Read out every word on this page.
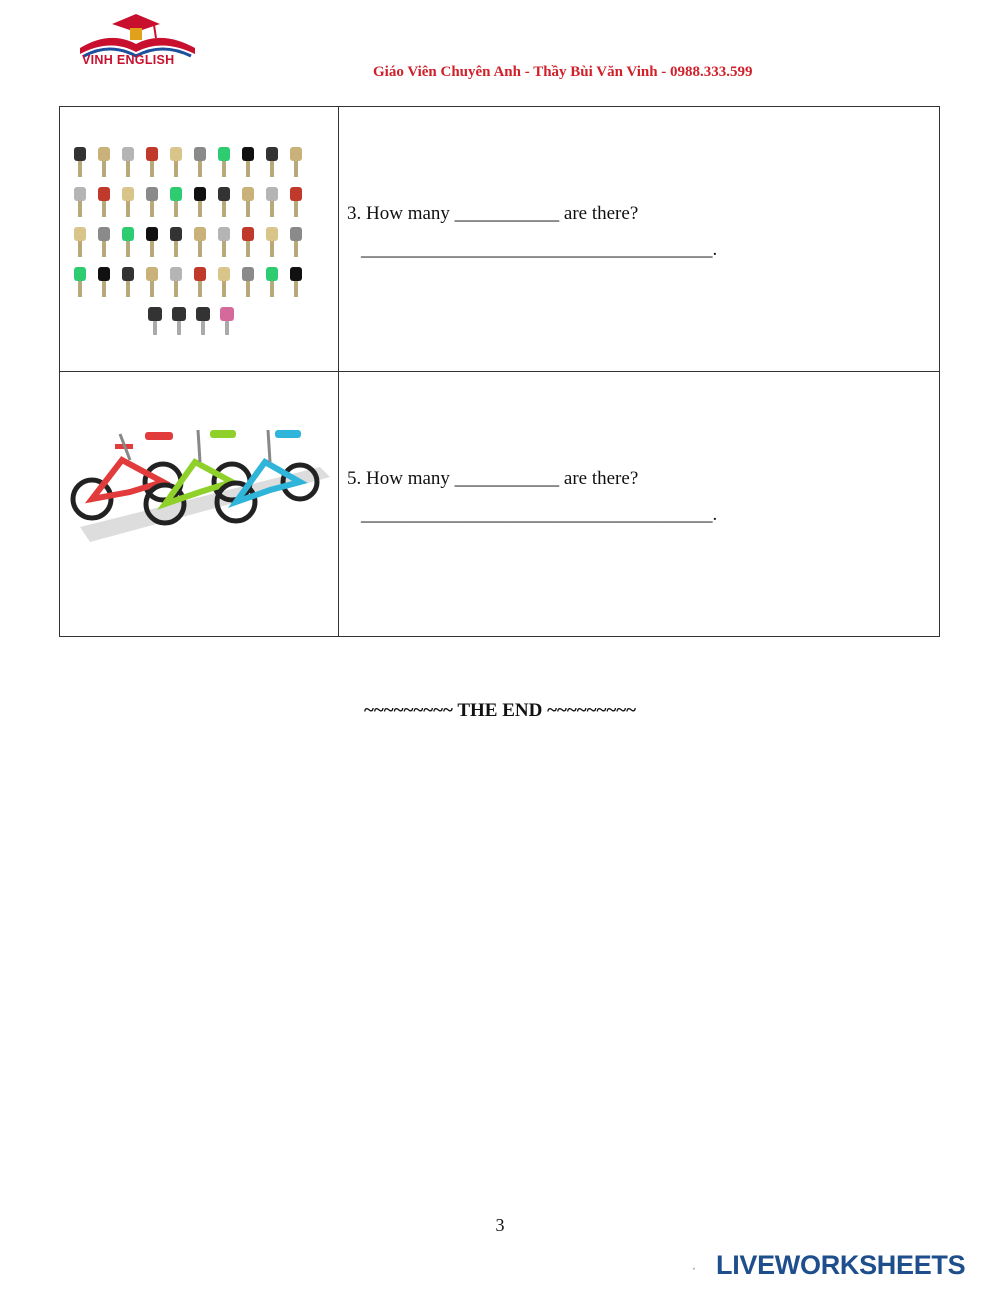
VINH ENGLISH
Giáo Viên Chuyên Anh - Thầy Bùi Văn Vinh - 0988.333.599

3. How many ___________ are there?
_____________________________________.

5. How many ___________ are there?
_____________________________________.
~~~~~~~~~ THE END ~~~~~~~~~
3
LIVEWORKSHEETS
